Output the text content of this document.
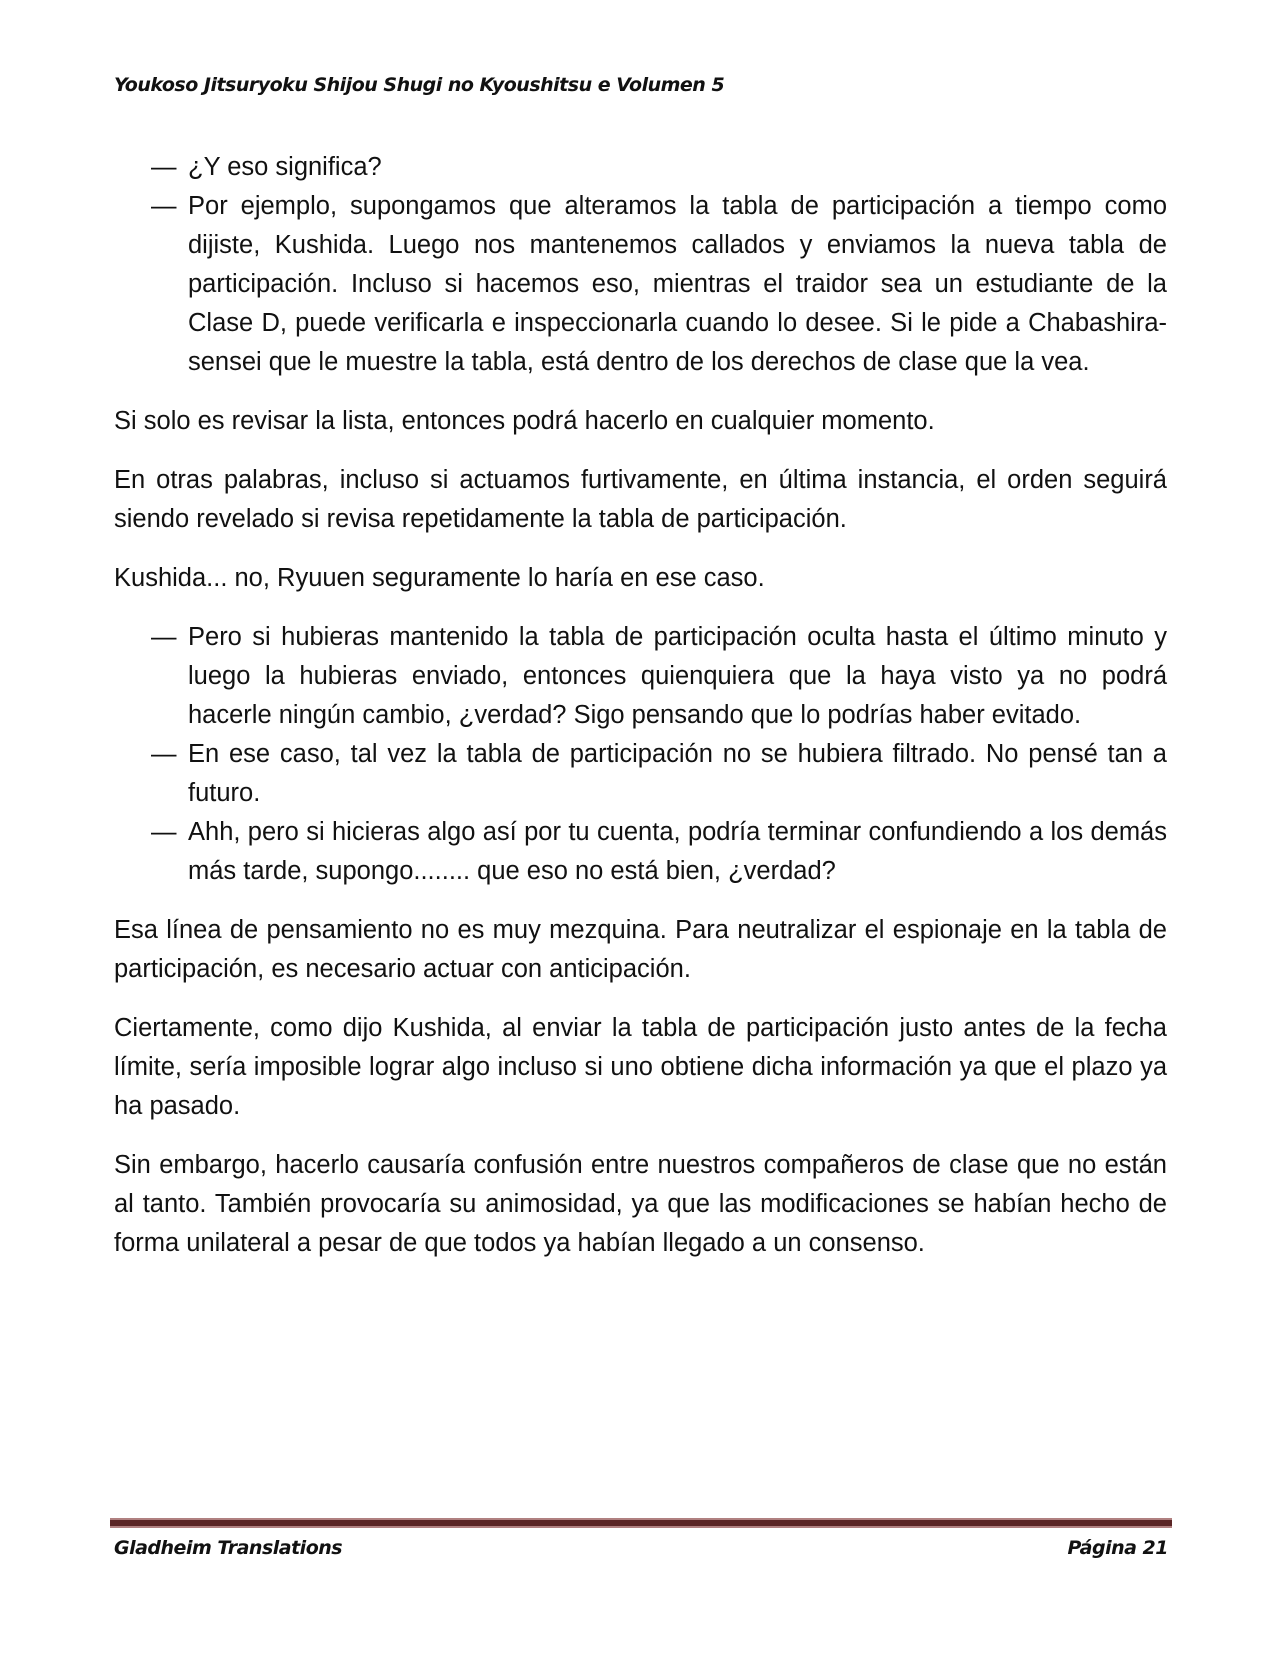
Youkoso Jitsuryoku Shijou Shugi no Kyoushitsu e Volumen 5
— ¿Y eso significa?
— Por ejemplo, supongamos que alteramos la tabla de participación a tiempo como dijiste, Kushida. Luego nos mantenemos callados y enviamos la nueva tabla de participación. Incluso si hacemos eso, mientras el traidor sea un estudiante de la Clase D, puede verificarla e inspeccionarla cuando lo desee. Si le pide a Chabashira-sensei que le muestre la tabla, está dentro de los derechos de clase que la vea.

Si solo es revisar la lista, entonces podrá hacerlo en cualquier momento.

En otras palabras, incluso si actuamos furtivamente, en última instancia, el orden seguirá siendo revelado si revisa repetidamente la tabla de participación.

Kushida... no, Ryuuen seguramente lo haría en ese caso.

— Pero si hubieras mantenido la tabla de participación oculta hasta el último minuto y luego la hubieras enviado, entonces quienquiera que la haya visto ya no podrá hacerle ningún cambio, ¿verdad? Sigo pensando que lo podrías haber evitado.
— En ese caso, tal vez la tabla de participación no se hubiera filtrado. No pensé tan a futuro.
— Ahh, pero si hicieras algo así por tu cuenta, podría terminar confundiendo a los demás más tarde, supongo........ que eso no está bien, ¿verdad?

Esa línea de pensamiento no es muy mezquina. Para neutralizar el espionaje en la tabla de participación, es necesario actuar con anticipación.

Ciertamente, como dijo Kushida, al enviar la tabla de participación justo antes de la fecha límite, sería imposible lograr algo incluso si uno obtiene dicha información ya que el plazo ya ha pasado.

Sin embargo, hacerlo causaría confusión entre nuestros compañeros de clase que no están al tanto. También provocaría su animosidad, ya que las modificaciones se habían hecho de forma unilateral a pesar de que todos ya habían llegado a un consenso.

Gladheim Translations	Página 21
